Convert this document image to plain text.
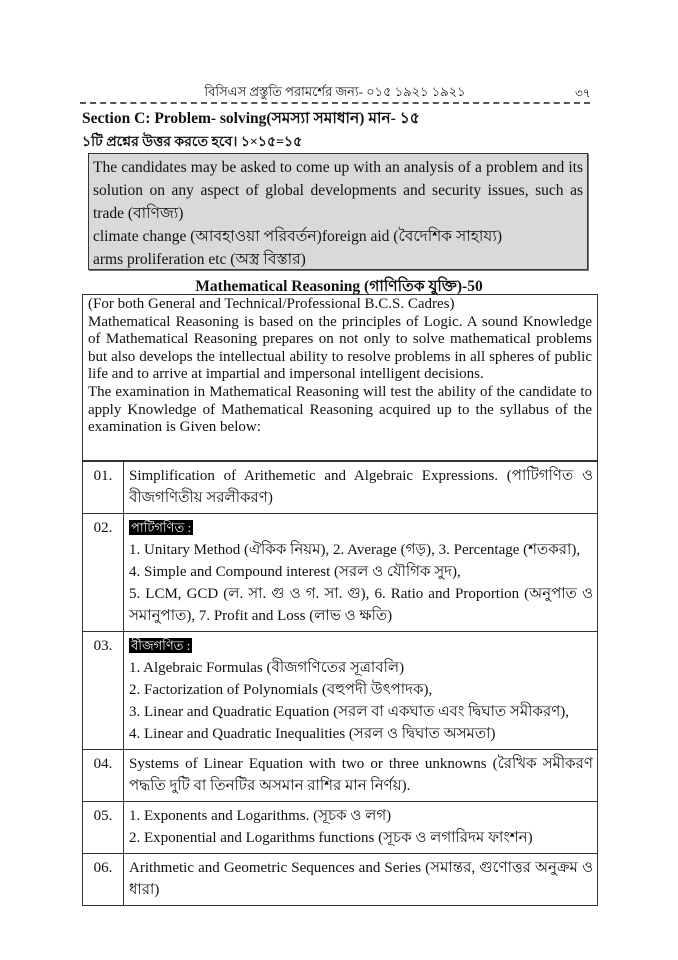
বিসিএস প্রস্তুতি পরামর্শের জন্য- ০১৫ ১৯২১ ১৯২১	৩৭
Section C: Problem- solving(সমস্যা সমাধান) মান- ১৫
১টি প্রশ্নের উত্তর করতে হবে। ১×১৫=১৫

The candidates may be asked to come up with an analysis of a problem and its solution on any aspect of global developments and security issues, such as trade (বাণিজ্য)

climate change (আবহাওয়া পরিবর্তন)foreign aid (বৈদেশিক সাহায্য)

arms proliferation etc (অস্ত্র বিস্তার)

Mathematical Reasoning (গাণিতিক যুক্তি)-50

(For both General and Technical/Professional B.C.S. Cadres)

Mathematical Reasoning is based on the principles of Logic. A sound Knowledge of Mathematical Reasoning prepares on not only to solve mathematical problems but also develops the intellectual ability to resolve problems in all spheres of public life and to arrive at impartial and impersonal intelligent decisions.

The examination in Mathematical Reasoning will test the ability of the candidate to apply Knowledge of Mathematical Reasoning acquired up to the syllabus of the examination is Given below:

01.	Simplification of Arithemetic and Algebraic Expressions. (পাটিগণিত ও বীজগণিতীয় সরলীকরণ)
02.	পাটিগণিত :
1. Unitary Method (ঐকিক নিয়ম), 2. Average (গড়), 3. Percentage (শতকরা),
4. Simple and Compound interest (সরল ও যৌগিক সুদ),
5. LCM, GCD (ল. সা. গু ও গ. সা. গু), 6. Ratio and Proportion (অনুপাত ও সমানুপাত), 7. Profit and Loss (লাভ ও ক্ষতি)

03.	বীজগণিত :
1. Algebraic Formulas (বীজগণিতের সূত্রাবলি)
2. Factorization of Polynomials (বহুপদী উৎপাদক),
3. Linear and Quadratic Equation (সরল বা একঘাত এবং দ্বিঘাত সমীকরণ),
4. Linear and Quadratic Inequalities (সরল ও দ্বিঘাত অসমতা)

04.	Systems of Linear Equation with two or three unknowns (রৈখিক সমীকরণ পদ্ধতি দুটি বা তিনটির অসমান রাশির মান নির্ণয়).
05.	1. Exponents and Logarithms. (সূচক ও লগ)
2. Exponential and Logarithms functions (সূচক ও লগারিদম ফাংশন)

06.	Arithmetic and Geometric Sequences and Series (সমান্তর, গুণোত্তর অনুক্রম ও ধারা)
